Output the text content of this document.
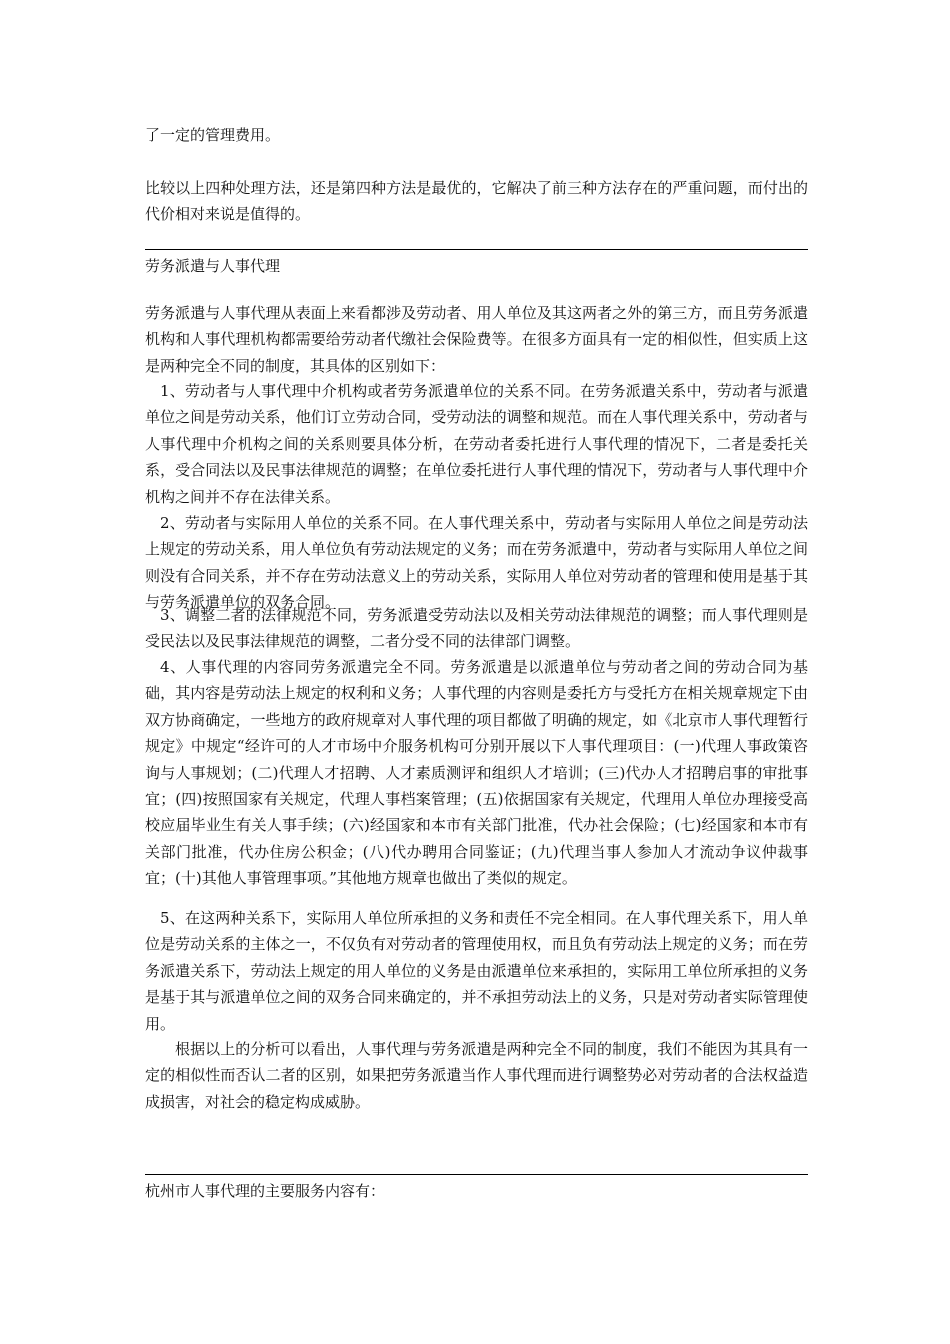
了一定的管理费用。

比较以上四种处理方法，还是第四种方法是最优的，它解决了前三种方法存在的严重问题，而付出的代价相对来说是值得的。

劳务派遣与人事代理

劳务派遣与人事代理从表面上来看都涉及劳动者、用人单位及其这两者之外的第三方，而且劳务派遣机构和人事代理机构都需要给劳动者代缴社会保险费等。在很多方面具有一定的相似性，但实质上这是两种完全不同的制度，其具体的区别如下：

1、劳动者与人事代理中介机构或者劳务派遣单位的关系不同。在劳务派遣关系中，劳动者与派遣单位之间是劳动关系，他们订立劳动合同，受劳动法的调整和规范。而在人事代理关系中，劳动者与人事代理中介机构之间的关系则要具体分析，在劳动者委托进行人事代理的情况下，二者是委托关系，受合同法以及民事法律规范的调整；在单位委托进行人事代理的情况下，劳动者与人事代理中介机构之间并不存在法律关系。

2、劳动者与实际用人单位的关系不同。在人事代理关系中，劳动者与实际用人单位之间是劳动法上规定的劳动关系，用人单位负有劳动法规定的义务；而在劳务派遣中，劳动者与实际用人单位之间则没有合同关系，并不存在劳动法意义上的劳动关系，实际用人单位对劳动者的管理和使用是基于其与劳务派遣单位的双务合同。

3、调整二者的法律规范不同，劳务派遣受劳动法以及相关劳动法律规范的调整；而人事代理则是受民法以及民事法律规范的调整，二者分受不同的法律部门调整。

4、人事代理的内容同劳务派遣完全不同。劳务派遣是以派遣单位与劳动者之间的劳动合同为基础，其内容是劳动法上规定的权利和义务；人事代理的内容则是委托方与受托方在相关规章规定下由双方协商确定，一些地方的政府规章对人事代理的项目都做了明确的规定，如《北京市人事代理暂行规定》中规定“经许可的人才市场中介服务机构可分别开展以下人事代理项目：(一)代理人事政策咨询与人事规划；(二)代理人才招聘、人才素质测评和组织人才培训；(三)代办人才招聘启事的审批事宜；(四)按照国家有关规定，代理人事档案管理；(五)依据国家有关规定，代理用人单位办理接受高校应届毕业生有关人事手续；(六)经国家和本市有关部门批准，代办社会保险；(七)经国家和本市有关部门批准，代办住房公积金；(八)代办聘用合同鉴证；(九)代理当事人参加人才流动争议仲裁事宜；(十)其他人事管理事项。”其他地方规章也做出了类似的规定。

5、在这两种关系下，实际用人单位所承担的义务和责任不完全相同。在人事代理关系下，用人单位是劳动关系的主体之一，不仅负有对劳动者的管理使用权，而且负有劳动法上规定的义务；而在劳务派遣关系下，劳动法上规定的用人单位的义务是由派遣单位来承担的，实际用工单位所承担的义务是基于其与派遣单位之间的双务合同来确定的，并不承担劳动法上的义务，只是对劳动者实际管理使用。

根据以上的分析可以看出，人事代理与劳务派遣是两种完全不同的制度，我们不能因为其具有一定的相似性而否认二者的区别，如果把劳务派遣当作人事代理而进行调整势必对劳动者的合法权益造成损害，对社会的稳定构成威胁。

杭州市人事代理的主要服务内容有：
